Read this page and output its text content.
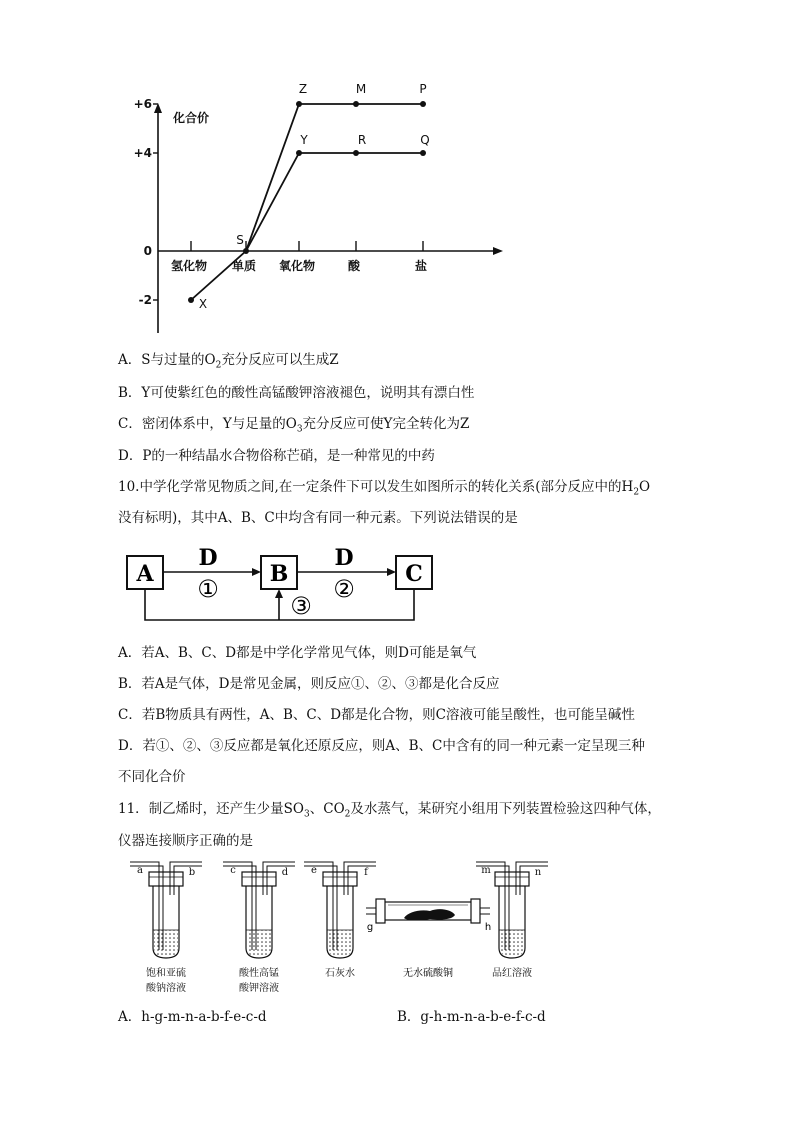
化合价
+6
+4
0
-2
氢化物 单质 氧化物	酸	盐
X
S
Z	M	P
Y	R	Q
A．S与过量的$O_2$充分反应可以生成Z
B．Y可使紫红色的酸性高锰酸钾溶液褪色，说明其有漂白性
C．密闭体系中，Y与足量的$O_3$充分反应可使Y完全转化为Z
D．P的一种结晶水合物俗称芒硝，是一种常见的中药
10.中学化学常见物质之间,在一定条件下可以发生如图所示的转化关系(部分反应中的$H_2O$
没有标明)，其中A、B、C中均含有同一种元素。下列说法错误的是
A	B	C
D	D
①	②
③
A．若A、B、C、D都是中学化学常见气体，则D可能是氧气
B．若A是气体，D是常见金属，则反应①、②、③都是化合反应
C．若B物质具有两性，A、B、C、D都是化合物，则C溶液可能呈酸性，也可能呈碱性
D．若①、②、③反应都是氧化还原反应，则A、B、C中含有的同一种元素一定呈现三种
不同化合价
11．制乙烯时，还产生少量$SO_3$、$CO_2$及水蒸气，某研究小组用下列装置检验这四种气体，
仪器连接顺序正确的是
a	b
饱和亚硫
酸钠溶液
c	d
酸性高锰
酸钾溶液
e	f
石灰水
m	n
品红溶液
g	h
无水硫酸铜
A．h-g-m-n-a-b-f-e-c-d	B．g-h-m-n-a-b-e-f-c-d
